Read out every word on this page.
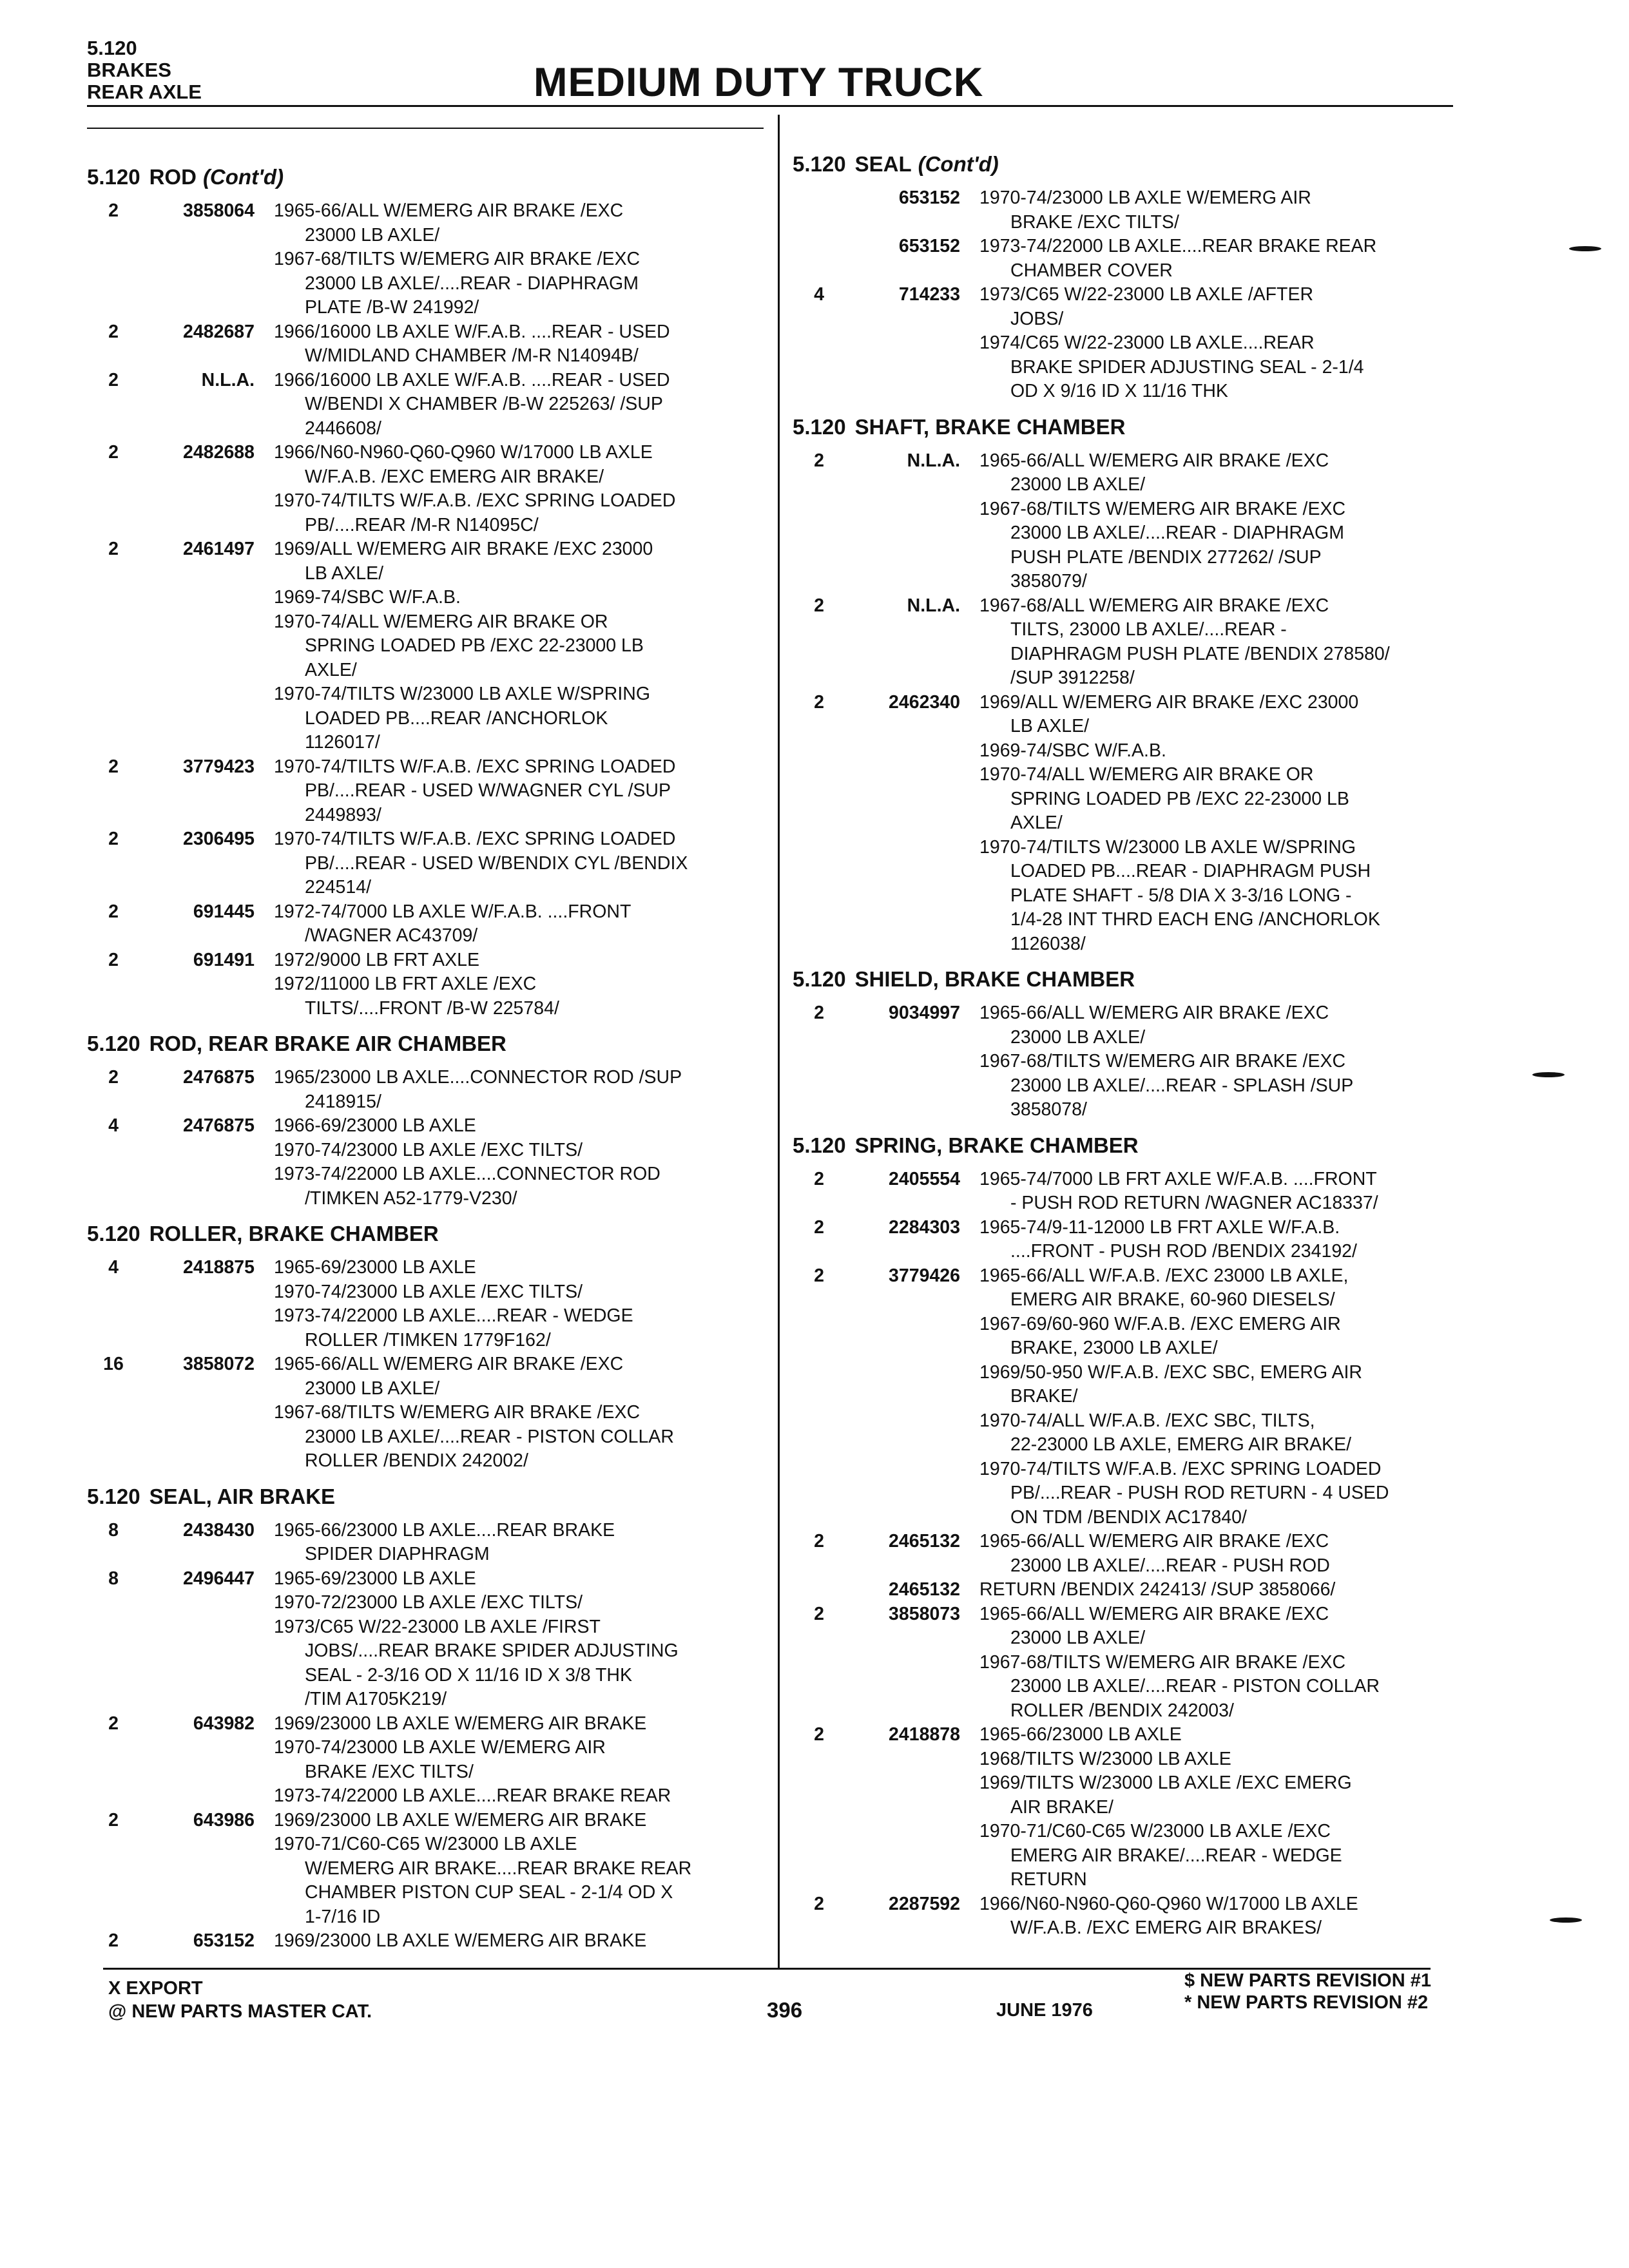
5.120
BRAKES
REAR AXLE	MEDIUM DUTY TRUCK
5.120 ROD (Cont'd)
2	3858064 1965-66/ALL W/EMERG AIR BRAKE /EXC
23000 LB AXLE/
1967-68/TILTS W/EMERG AIR BRAKE /EXC
23000 LB AXLE/....REAR - DIAPHRAGM
PLATE /B-W 241992/
2	2482687 1966/16000 LB AXLE W/F.A.B. ....REAR - USED
W/MIDLAND CHAMBER /M-R N14094B/
2	N.L.A. 1966/16000 LB AXLE W/F.A.B. ....REAR - USED
W/BENDI X CHAMBER /B-W 225263/ /SUP
2446608/
2	2482688 1966/N60-N960-Q60-Q960 W/17000 LB AXLE
W/F.A.B. /EXC EMERG AIR BRAKE/
1970-74/TILTS W/F.A.B. /EXC SPRING LOADED
PB/....REAR /M-R N14095C/
2	2461497 1969/ALL W/EMERG AIR BRAKE /EXC 23000
LB AXLE/
1969-74/SBC W/F.A.B.
1970-74/ALL W/EMERG AIR BRAKE OR
SPRING LOADED PB /EXC 22-23000 LB
AXLE/
1970-74/TILTS W/23000 LB AXLE W/SPRING
LOADED PB....REAR /ANCHORLOK
1126017/
2	3779423 1970-74/TILTS W/F.A.B. /EXC SPRING LOADED
PB/....REAR - USED W/WAGNER CYL /SUP
2449893/
2	2306495 1970-74/TILTS W/F.A.B. /EXC SPRING LOADED
PB/....REAR - USED W/BENDIX CYL /BENDIX
224514/
2	691445 1972-74/7000 LB AXLE W/F.A.B. ....FRONT
/WAGNER AC43709/
2	691491 1972/9000 LB FRT AXLE
1972/11000 LB FRT AXLE /EXC
TILTS/....FRONT /B-W 225784/
5.120 ROD, REAR BRAKE AIR CHAMBER
2	2476875 1965/23000 LB AXLE....CONNECTOR ROD /SUP
2418915/
4	2476875 1966-69/23000 LB AXLE
1970-74/23000 LB AXLE /EXC TILTS/
1973-74/22000 LB AXLE....CONNECTOR ROD
/TIMKEN A52-1779-V230/
5.120 ROLLER, BRAKE CHAMBER
4	2418875 1965-69/23000 LB AXLE
1970-74/23000 LB AXLE /EXC TILTS/
1973-74/22000 LB AXLE....REAR - WEDGE
ROLLER /TIMKEN 1779F162/
16	3858072 1965-66/ALL W/EMERG AIR BRAKE /EXC
23000 LB AXLE/
1967-68/TILTS W/EMERG AIR BRAKE /EXC
23000 LB AXLE/....REAR - PISTON COLLAR
ROLLER /BENDIX 242002/
5.120 SEAL, AIR BRAKE
8	2438430 1965-66/23000 LB AXLE....REAR BRAKE
SPIDER DIAPHRAGM
8	2496447 1965-69/23000 LB AXLE
1970-72/23000 LB AXLE /EXC TILTS/
1973/C65 W/22-23000 LB AXLE /FIRST
JOBS/....REAR BRAKE SPIDER ADJUSTING
SEAL - 2-3/16 OD X 11/16 ID X 3/8 THK
/TIM A1705K219/
2	643982 1969/23000 LB AXLE W/EMERG AIR BRAKE
1970-74/23000 LB AXLE W/EMERG AIR
BRAKE /EXC TILTS/
1973-74/22000 LB AXLE....REAR BRAKE REAR
2	643986 1969/23000 LB AXLE W/EMERG AIR BRAKE
1970-71/C60-C65 W/23000 LB AXLE
W/EMERG AIR BRAKE....REAR BRAKE REAR
CHAMBER PISTON CUP SEAL - 2-1/4 OD X
1-7/16 ID
2	653152 1969/23000 LB AXLE W/EMERG AIR BRAKE
5.120 SEAL (Cont'd)
653152 1970-74/23000 LB AXLE W/EMERG AIR
BRAKE /EXC TILTS/
653152 1973-74/22000 LB AXLE....REAR BRAKE REAR
CHAMBER COVER
4	714233 1973/C65 W/22-23000 LB AXLE /AFTER
JOBS/
1974/C65 W/22-23000 LB AXLE....REAR
BRAKE SPIDER ADJUSTING SEAL - 2-1/4
OD X 9/16 ID X 11/16 THK
5.120 SHAFT, BRAKE CHAMBER
2	N.L.A. 1965-66/ALL W/EMERG AIR BRAKE /EXC
23000 LB AXLE/
1967-68/TILTS W/EMERG AIR BRAKE /EXC
23000 LB AXLE/....REAR - DIAPHRAGM
PUSH PLATE /BENDIX 277262/ /SUP
3858079/
2	N.L.A. 1967-68/ALL W/EMERG AIR BRAKE /EXC
TILTS, 23000 LB AXLE/....REAR -
DIAPHRAGM PUSH PLATE /BENDIX 278580/
/SUP 3912258/
2	2462340 1969/ALL W/EMERG AIR BRAKE /EXC 23000
LB AXLE/
1969-74/SBC W/F.A.B.
1970-74/ALL W/EMERG AIR BRAKE OR
SPRING LOADED PB /EXC 22-23000 LB
AXLE/
1970-74/TILTS W/23000 LB AXLE W/SPRING
LOADED PB....REAR - DIAPHRAGM PUSH
PLATE SHAFT - 5/8 DIA X 3-3/16 LONG -
1/4-28 INT THRD EACH ENG /ANCHORLOK
1126038/
5.120 SHIELD, BRAKE CHAMBER
2	9034997 1965-66/ALL W/EMERG AIR BRAKE /EXC
23000 LB AXLE/
1967-68/TILTS W/EMERG AIR BRAKE /EXC
23000 LB AXLE/....REAR - SPLASH /SUP
3858078/
5.120 SPRING, BRAKE CHAMBER
2	2405554 1965-74/7000 LB FRT AXLE W/F.A.B. ....FRONT
- PUSH ROD RETURN /WAGNER AC18337/
2	2284303 1965-74/9-11-12000 LB FRT AXLE W/F.A.B.
....FRONT - PUSH ROD /BENDIX 234192/
2	3779426 1965-66/ALL W/F.A.B. /EXC 23000 LB AXLE,
EMERG AIR BRAKE, 60-960 DIESELS/
1967-69/60-960 W/F.A.B. /EXC EMERG AIR
BRAKE, 23000 LB AXLE/
1969/50-950 W/F.A.B. /EXC SBC, EMERG AIR
BRAKE/
1970-74/ALL W/F.A.B. /EXC SBC, TILTS,
22-23000 LB AXLE, EMERG AIR BRAKE/
1970-74/TILTS W/F.A.B. /EXC SPRING LOADED
PB/....REAR - PUSH ROD RETURN - 4 USED
ON TDM /BENDIX AC17840/
2	2465132 1965-66/ALL W/EMERG AIR BRAKE /EXC
23000 LB AXLE/....REAR - PUSH ROD
2465132 RETURN /BENDIX 242413/ /SUP 3858066/
2	3858073 1965-66/ALL W/EMERG AIR BRAKE /EXC
23000 LB AXLE/
1967-68/TILTS W/EMERG AIR BRAKE /EXC
23000 LB AXLE/....REAR - PISTON COLLAR
ROLLER /BENDIX 242003/
2	2418878 1965-66/23000 LB AXLE
1968/TILTS W/23000 LB AXLE
1969/TILTS W/23000 LB AXLE /EXC EMERG
AIR BRAKE/
1970-71/C60-C65 W/23000 LB AXLE /EXC
EMERG AIR BRAKE/....REAR - WEDGE
RETURN
2	2287592 1966/N60-N960-Q60-Q960 W/17000 LB AXLE
W/F.A.B. /EXC EMERG AIR BRAKES/
X EXPORT
@ NEW PARTS MASTER CAT.	396	JUNE 1976
$ NEW PARTS REVISION #1
* NEW PARTS REVISION #2
